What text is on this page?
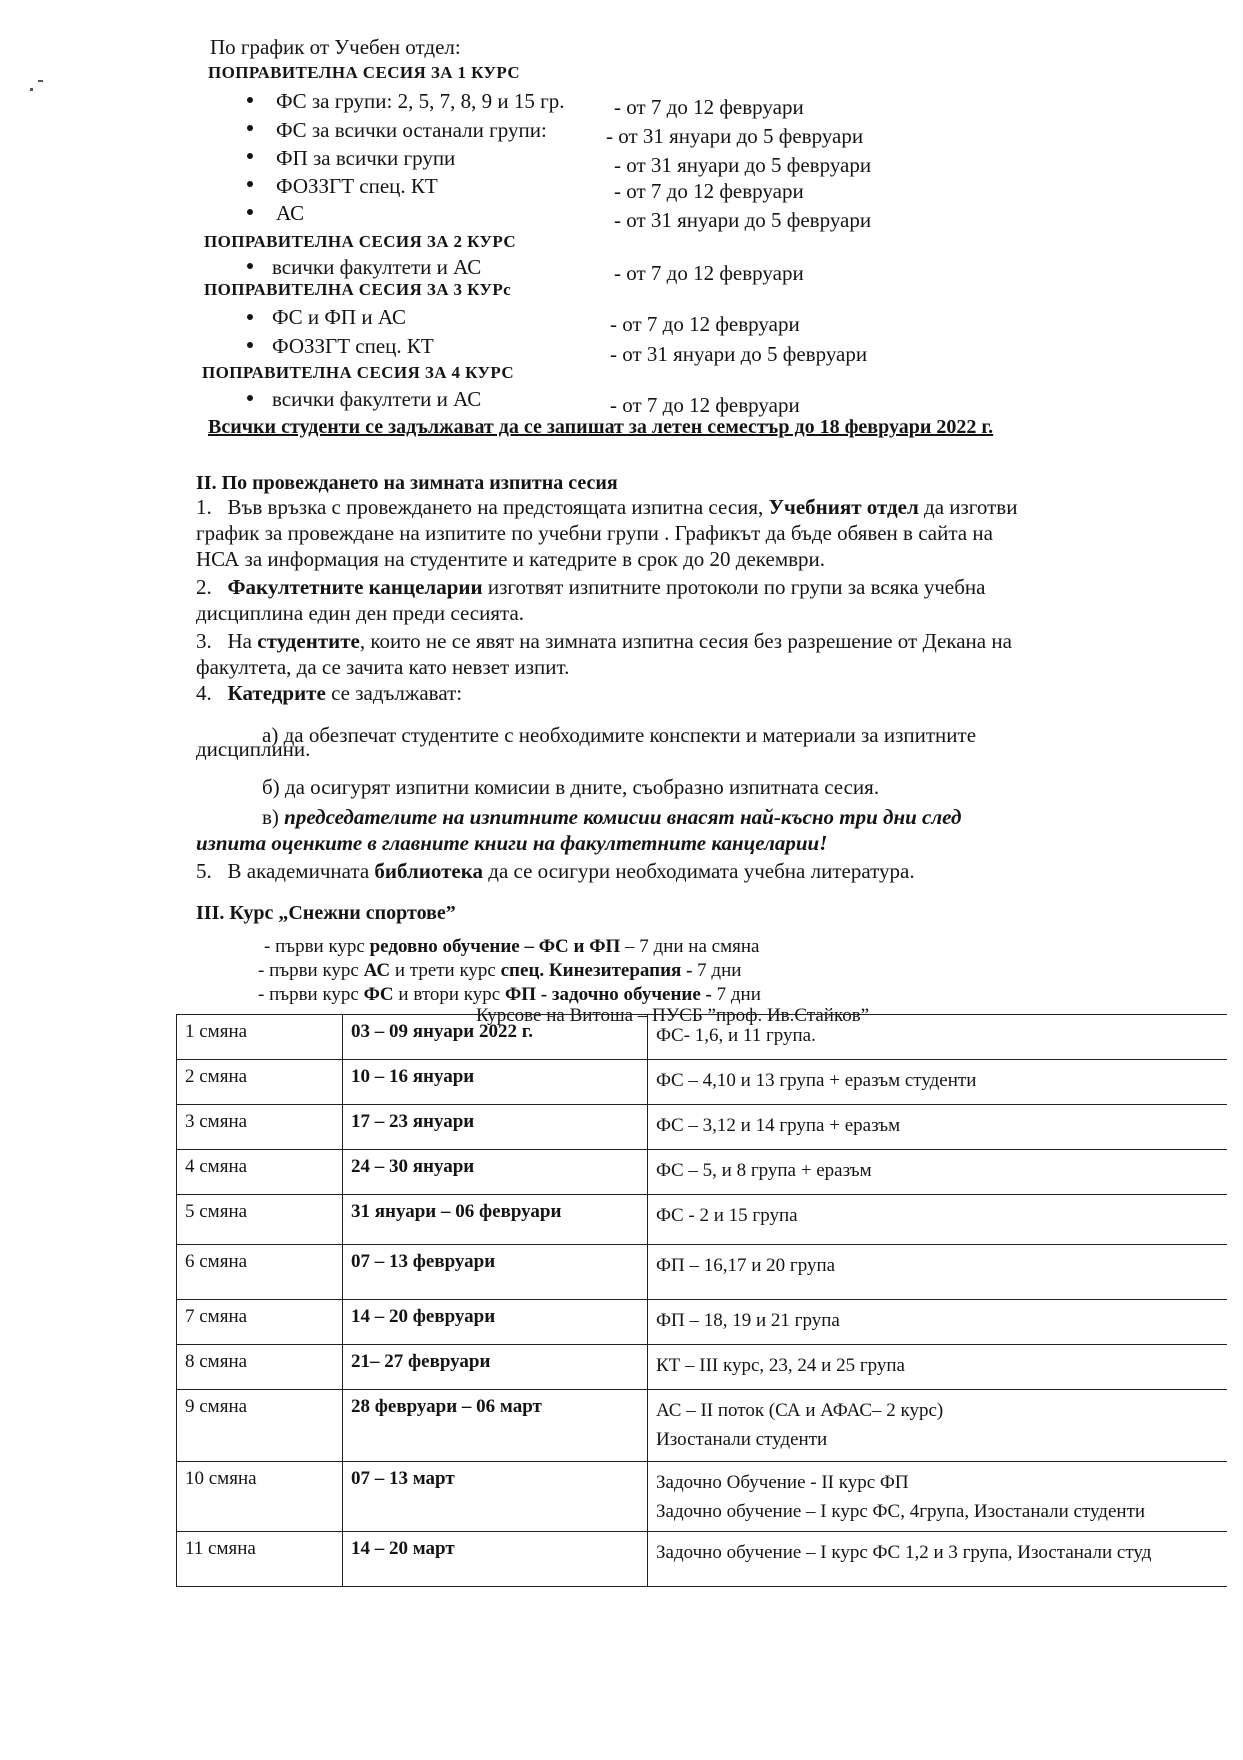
По график от Учебен отдел:
ПОПРАВИТЕЛНА СЕСИЯ ЗА 1 КУРС
ФС за групи: 2, 5, 7, 8, 9 и 15 гр. - от 7 до 12 февруари
ФС за всички останали групи:	- от 31 януари до 5 февруари
ФП за всички групи	- от 31 януари до 5 февруари
ФОЗЗГТ спец. КТ	- от 7 до 12 февруари
АС	- от 31 януари до 5 февруари
ПОПРАВИТЕЛНА СЕСИЯ ЗА 2 КУРС
всички факултети и АС	- от 7 до 12 февруари
ПОПРАВИТЕЛНА СЕСИЯ ЗА 3 КУРс
ФС и ФП и АС	- от 7 до 12 февруари
ФОЗЗГТ спец. КТ	- от 31 януари до 5 февруари
ПОПРАВИТЕЛНА СЕСИЯ ЗА 4 КУРС
всички факултети и АС	- от 7 до 12 февруари
Всички студенти се задължават да се запишат за летен семестър до 18 февруари 2022 г.
II. По провеждането на зимната изпитна сесия
1. Във връзка с провеждането на предстоящата изпитна сесия, Учебният отдел да изготви
график за провеждане на изпитите по учебни групи . Графикът да бъде обявен в сайта на
НСА за информация на студентите и катедрите в срок до 20 декември.
2. Факултетните канцеларии изготвят изпитните протоколи по групи за всяка учебна
дисциплина един ден преди сесията.
3. На студентите, които не се явят на зимната изпитна сесия без разрешение от Декана на
факултета, да се зачита като невзет изпит.
4. Катедрите се задължават:
а) да обезпечат студентите с необходимите конспекти и материали за изпитните
дисциплини.
б) да осигурят изпитни комисии в дните, съобразно изпитната сесия.
в) председателите на изпитните комисии внасят най-късно три дни след
изпита оценките в главните книги на факултетните канцеларии!
5. В академичната библиотека да се осигури необходимата учебна литература.
III. Курс „Снежни спортове”
- първи курс редовно обучение – ФС и ФП – 7 дни на смяна
- първи курс АС и трети курс спец. Кинезитерапия - 7 дни
- първи курс ФС и втори курс ФП - задочно обучение - 7 дни
Курсове на Витоша – ПУСБ ”проф. Ив.Стайков”
1 смяна	03 – 09 януари 2022 г.	ФС- 1,6, и 11 група.

2 смяна	10 – 16 януари	ФС – 4,10 и 13 група + еразъм студенти

3 смяна	17 – 23 януари	ФС – 3,12 и 14 група + еразъм

4 смяна	24 – 30 януари	ФС – 5, и 8 група + еразъм

5 смяна	31 януари – 06 февруари	ФС - 2 и 15 група

6 смяна	07 – 13 февруари	ФП – 16,17 и 20 група

7 смяна	14 – 20 февруари	ФП – 18, 19 и 21 група

8 смяна	21– 27 февруари	КТ – III курс, 23, 24 и 25 група

9 смяна	28 февруари – 06 март	АС – II поток (СА и АФАС– 2 курс)
Изостанали студенти

10 смяна	07 – 13 март	Задочно Обучение - II курс ФП
Задочно обучение – I курс ФС, 4група, Изостанали студенти

11 смяна	14 – 20 март	Задочно обучение – I курс ФС 1,2 и 3 група, Изостанали студ
